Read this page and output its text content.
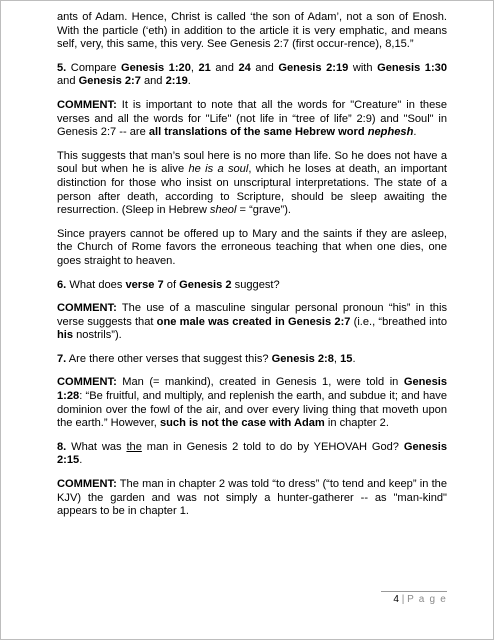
ants of Adam. Hence, Christ is called ‘the son of Adam’, not a son of Enosh. With the particle (‘eth) in addition to the article it is very emphatic, and means self, very, this same, this very. See Genesis 2:7 (first occur-rence), 8,15.”

5. Compare Genesis 1:20, 21 and 24 and Genesis 2:19 with Genesis 1:30 and Genesis 2:7 and 2:19.

COMMENT: It is important to note that all the words for "Creature" in these verses and all the words for "Life" (not life in “tree of life” 2:9) and "Soul" in Genesis 2:7 -- are all translations of the same Hebrew word nephesh.

This suggests that man’s soul here is no more than life. So he does not have a soul but when he is alive he is a soul, which he loses at death, an important distinction for those who insist on unscriptural interpretations. The state of a person after death, according to Scripture, should be sleep awaiting the resurrection. (Sleep in Hebrew sheol = “grave”).

Since prayers cannot be offered up to Mary and the saints if they are asleep, the Church of Rome favors the erroneous teaching that when one dies, one goes straight to heaven.

6. What does verse 7 of Genesis 2 suggest?

COMMENT: The use of a masculine singular personal pronoun “his” in this verse suggests that one male was created in Genesis 2:7 (i.e., “breathed into his nostrils”).

7. Are there other verses that suggest this? Genesis 2:8, 15.

COMMENT: Man (= mankind), created in Genesis 1, were told in Genesis 1:28: “Be fruitful, and multiply, and replenish the earth, and subdue it; and have dominion over the fowl of the air, and over every living thing that moveth upon the earth.” However, such is not the case with Adam in chapter 2.

8. What was the man in Genesis 2 told to do by YEHOVAH God? Genesis 2:15.

COMMENT: The man in chapter 2 was told “to dress” (“to tend and keep” in the KJV) the garden and was not simply a hunter-gatherer -- as "man-kind" appears to be in chapter 1.

4 | P a g e
